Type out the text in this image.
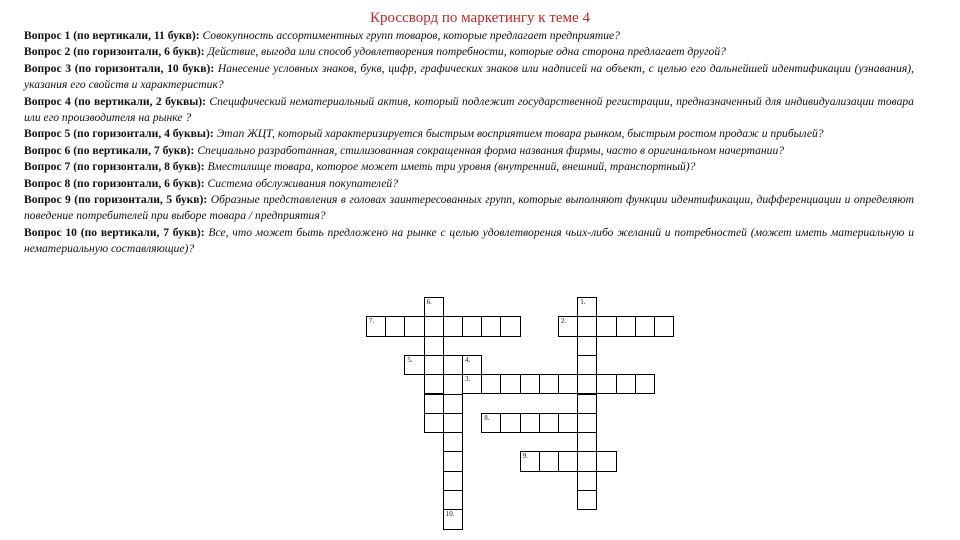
Кроссворд по маркетингу к теме 4

Вопрос 1 (по вертикали, 11 букв): Совокупность ассортиментных групп товаров, которые предлагает предприятие?

Вопрос 2 (по горизонтали, 6 букв): Действие, выгода или способ удовлетворения потребности, которые одна сторона предлагает другой?

Вопрос 3 (по горизонтали, 10 букв): Нанесение условных знаков, букв, цифр, графических знаков или надписей на объект, с целью его дальнейшей идентификации (узнавания), указания его свойств и характеристик?

Вопрос 4 (по вертикали, 2 буквы): Специфический нематериальный актив, который подлежит государственной регистрации, предназначенный для индивидуализации товара или его производителя на рынке ?

Вопрос 5 (по горизонтали, 4 буквы): Этап ЖЦТ, который характеризируется быстрым восприятием товара рынком, быстрым ростом продаж и прибылей?

Вопрос 6 (по вертикали, 7 букв): Специально разработанная, стилизованная сокращенная форма названия фирмы, часто в оригинальном начертании?

Вопрос 7 (по горизонтали, 8 букв): Вместилище товара, которое может иметь три уровня (внутренний, внешний, транспортный)?

Вопрос 8 (по горизонтали, 6 букв): Система обслуживания покупателей?

Вопрос 9 (по горизонтали, 5 букв): Образные представления в головах заинтересованных групп, которые выполняют функции идентификации, дифференциации и определяют поведение потребителей при выборе товара / предприятия?

Вопрос 10 (по вертикали, 7 букв): Все, что может быть предложено на рынке с целью удовлетворения чьих-либо желаний и потребностей (может иметь материальную и нематериальную составляющие)?

7.	2.
3.
1.
6.
4.
5.
8.
9.
10.
